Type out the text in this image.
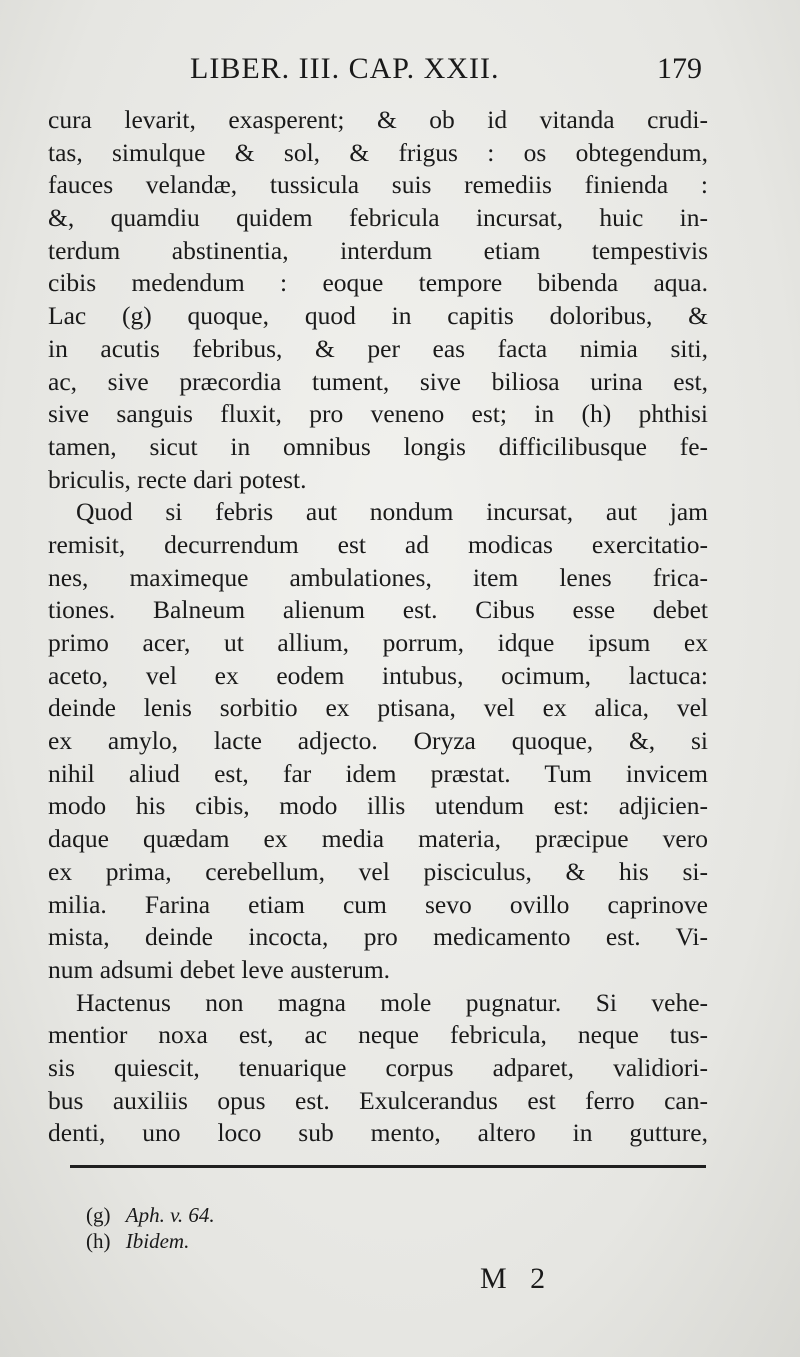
LIBER. III. CAP. XXII.	179
cura levarit, exasperent; & ob id vitanda crudi-
tas, simulque & sol, & frigus : os obtegendum,
fauces velandæ, tussicula suis remediis finienda :
&, quamdiu quidem febricula incursat, huic in-
terdum abstinentia, interdum etiam tempestivis
cibis medendum : eoque tempore bibenda aqua.
Lac (g) quoque, quod in capitis doloribus, &
in acutis febribus, & per eas facta nimia siti,
ac, sive præcordia tument, sive biliosa urina est,
sive sanguis fluxit, pro veneno est; in (h) phthisi
tamen, sicut in omnibus longis difficilibusque fe-
briculis, recte dari potest.
Quod si febris aut nondum incursat, aut jam
remisit, decurrendum est ad modicas exercitatio-
nes, maximeque ambulationes, item lenes frica-
tiones. Balneum alienum est. Cibus esse debet
primo acer, ut allium, porrum, idque ipsum ex
aceto, vel ex eodem intubus, ocimum, lactuca:
deinde lenis sorbitio ex ptisana, vel ex alica, vel
ex amylo, lacte adjecto. Oryza quoque, &, si
nihil aliud est, far idem præstat. Tum invicem
modo his cibis, modo illis utendum est: adjicien-
daque quædam ex media materia, præcipue vero
ex prima, cerebellum, vel pisciculus, & his si-
milia. Farina etiam cum sevo ovillo caprinove
mista, deinde incocta, pro medicamento est. Vi-
num adsumi debet leve austerum.
Hactenus non magna mole pugnatur. Si vehe-
mentior noxa est, ac neque febricula, neque tus-
sis quiescit, tenuarique corpus adparet, validiori-
bus auxiliis opus est. Exulcerandus est ferro can-
denti, uno loco sub mento, altero in gutture,
(g) Aph. v. 64.
(h) Ibidem.
M 2
